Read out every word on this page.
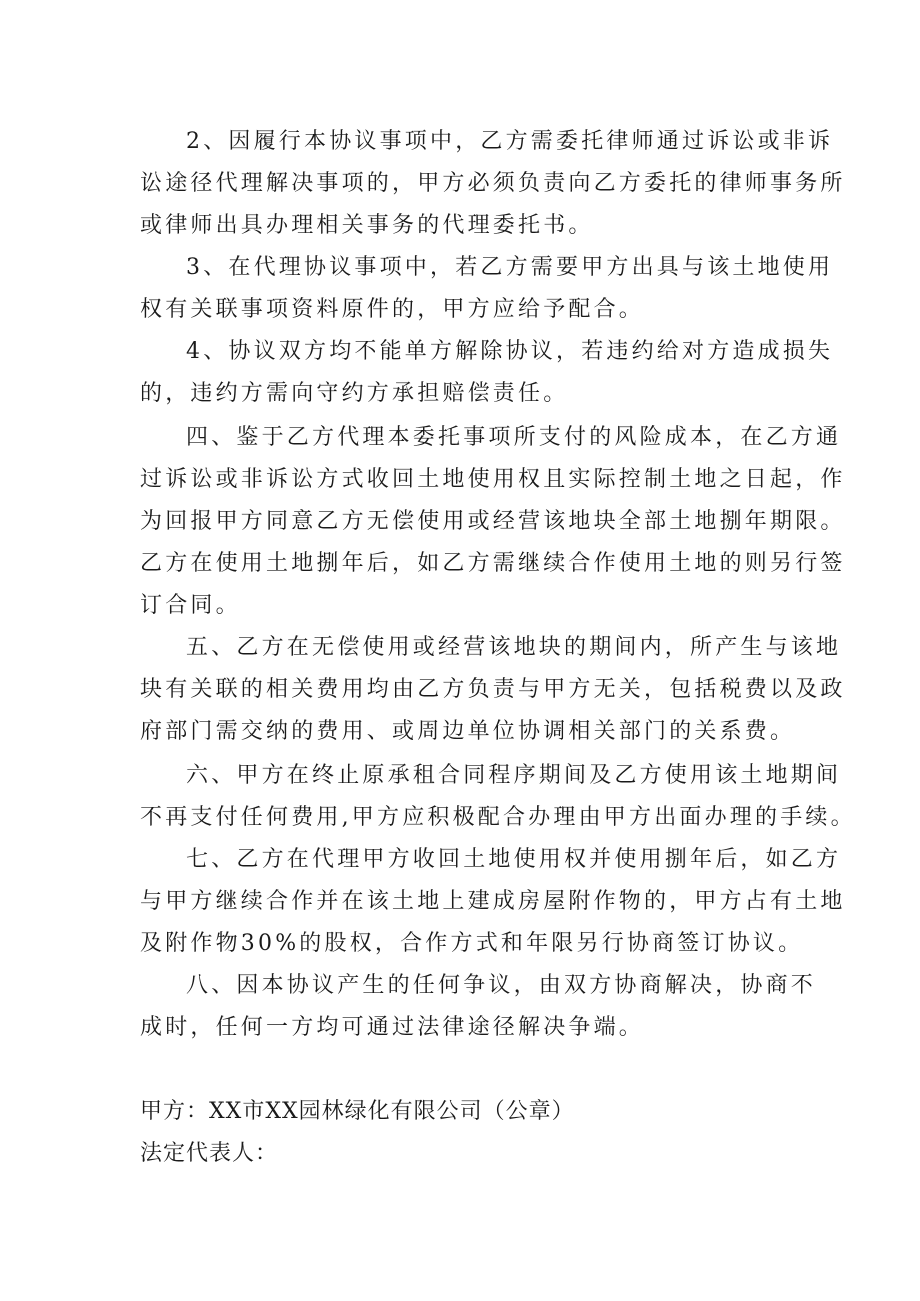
2、因履行本协议事项中，乙方需委托律师通过诉讼或非诉
讼途径代理解决事项的，甲方必须负责向乙方委托的律师事务所
或律师出具办理相关事务的代理委托书。
3、在代理协议事项中，若乙方需要甲方出具与该土地使用
权有关联事项资料原件的，甲方应给予配合。
4、协议双方均不能单方解除协议，若违约给对方造成损失
的，违约方需向守约方承担赔偿责任。
四、鉴于乙方代理本委托事项所支付的风险成本，在乙方通
过诉讼或非诉讼方式收回土地使用权且实际控制土地之日起，作
为回报甲方同意乙方无偿使用或经营该地块全部土地捌年期限。
乙方在使用土地捌年后，如乙方需继续合作使用土地的则另行签
订合同。
五、乙方在无偿使用或经营该地块的期间内，所产生与该地
块有关联的相关费用均由乙方负责与甲方无关，包括税费以及政
府部门需交纳的费用、或周边单位协调相关部门的关系费。
六、甲方在终止原承租合同程序期间及乙方使用该土地期间
不再支付任何费用,甲方应积极配合办理由甲方出面办理的手续。
七、乙方在代理甲方收回土地使用权并使用捌年后，如乙方
与甲方继续合作并在该土地上建成房屋附作物的，甲方占有土地
及附作物30%的股权，合作方式和年限另行协商签订协议。
八、因本协议产生的任何争议，由双方协商解决，协商不
成时，任何一方均可通过法律途径解决争端。
甲方：XX市XX园林绿化有限公司（公章）
法定代表人：
